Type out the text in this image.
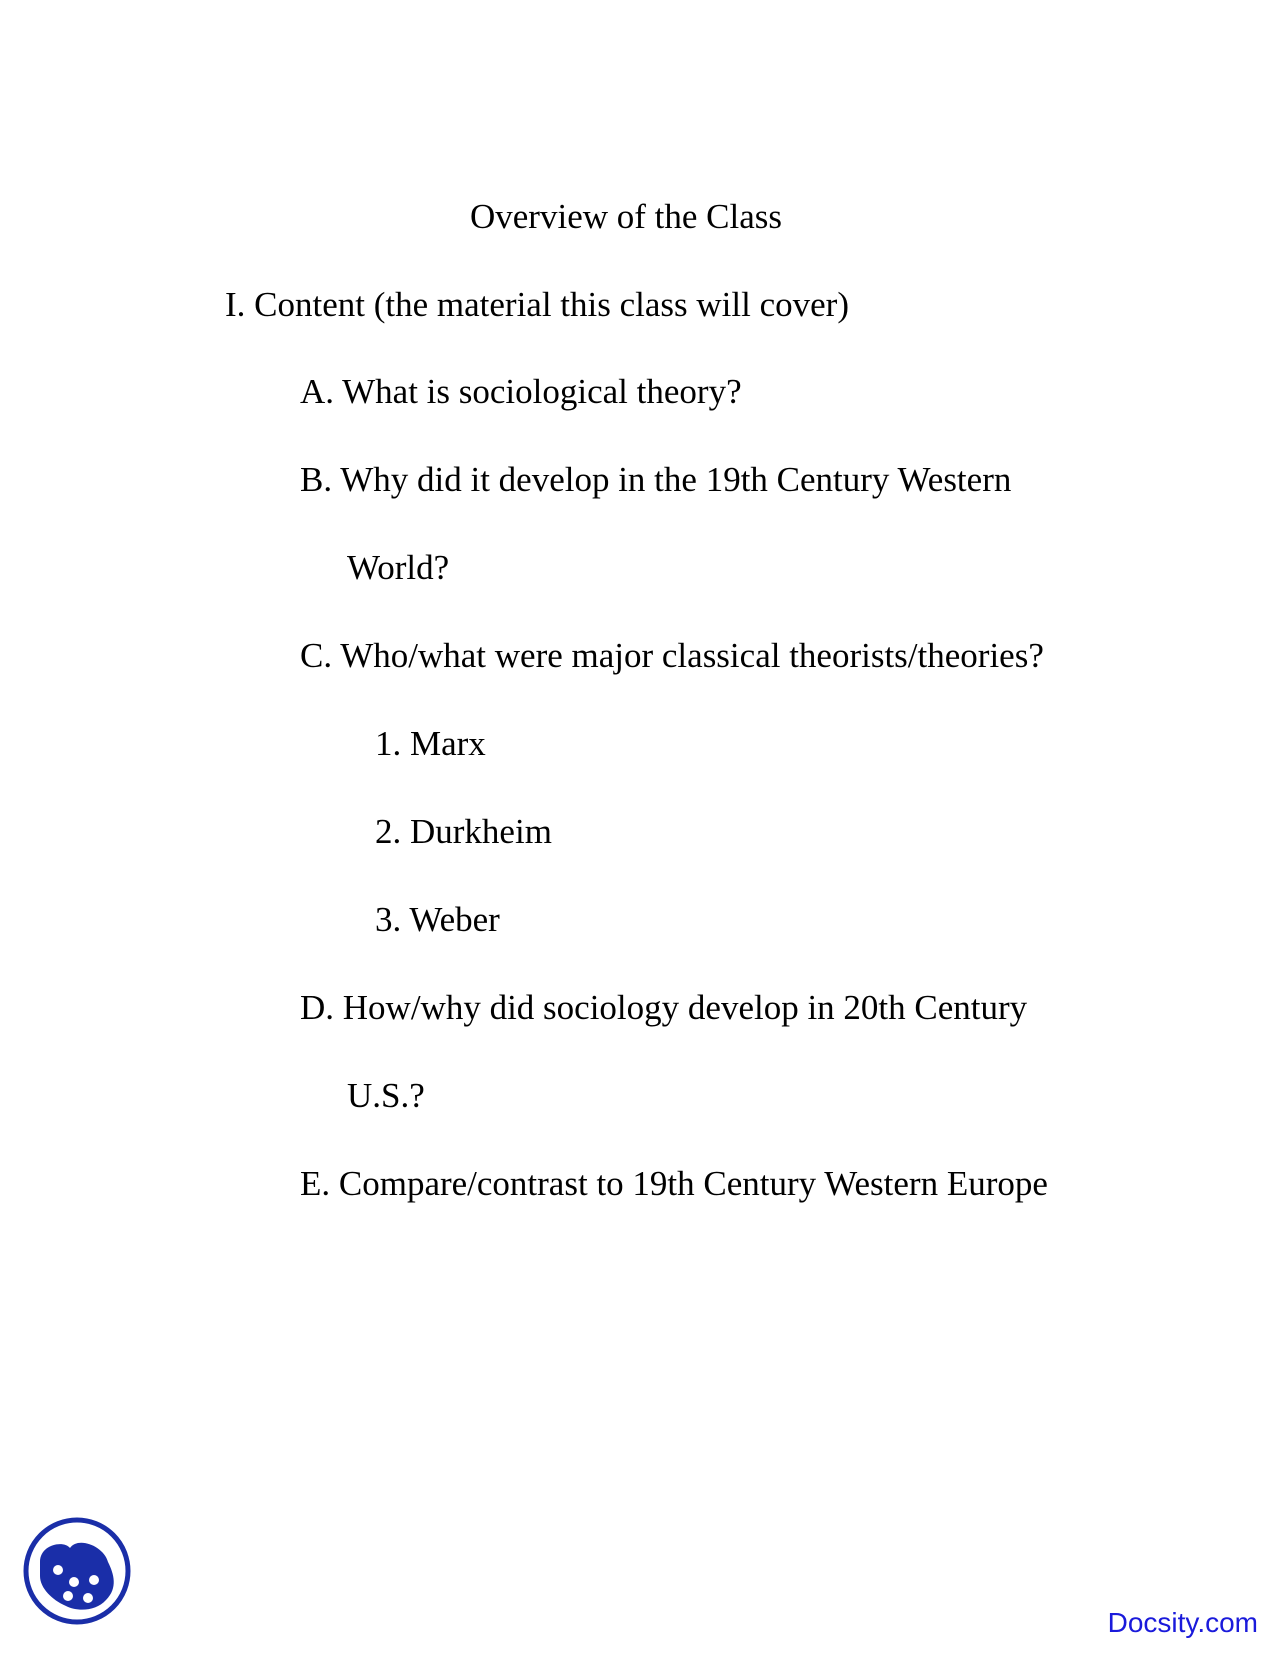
Overview of the Class
I. Content (the material this class will cover)
A. What is sociological theory?
B. Why did it develop in the 19th Century Western
World?
C. Who/what were major classical theorists/theories?
1. Marx
2. Durkheim
3. Weber
D. How/why did sociology develop in 20th Century
U.S.?
E. Compare/contrast to 19th Century Western Europe
Docsity.com
